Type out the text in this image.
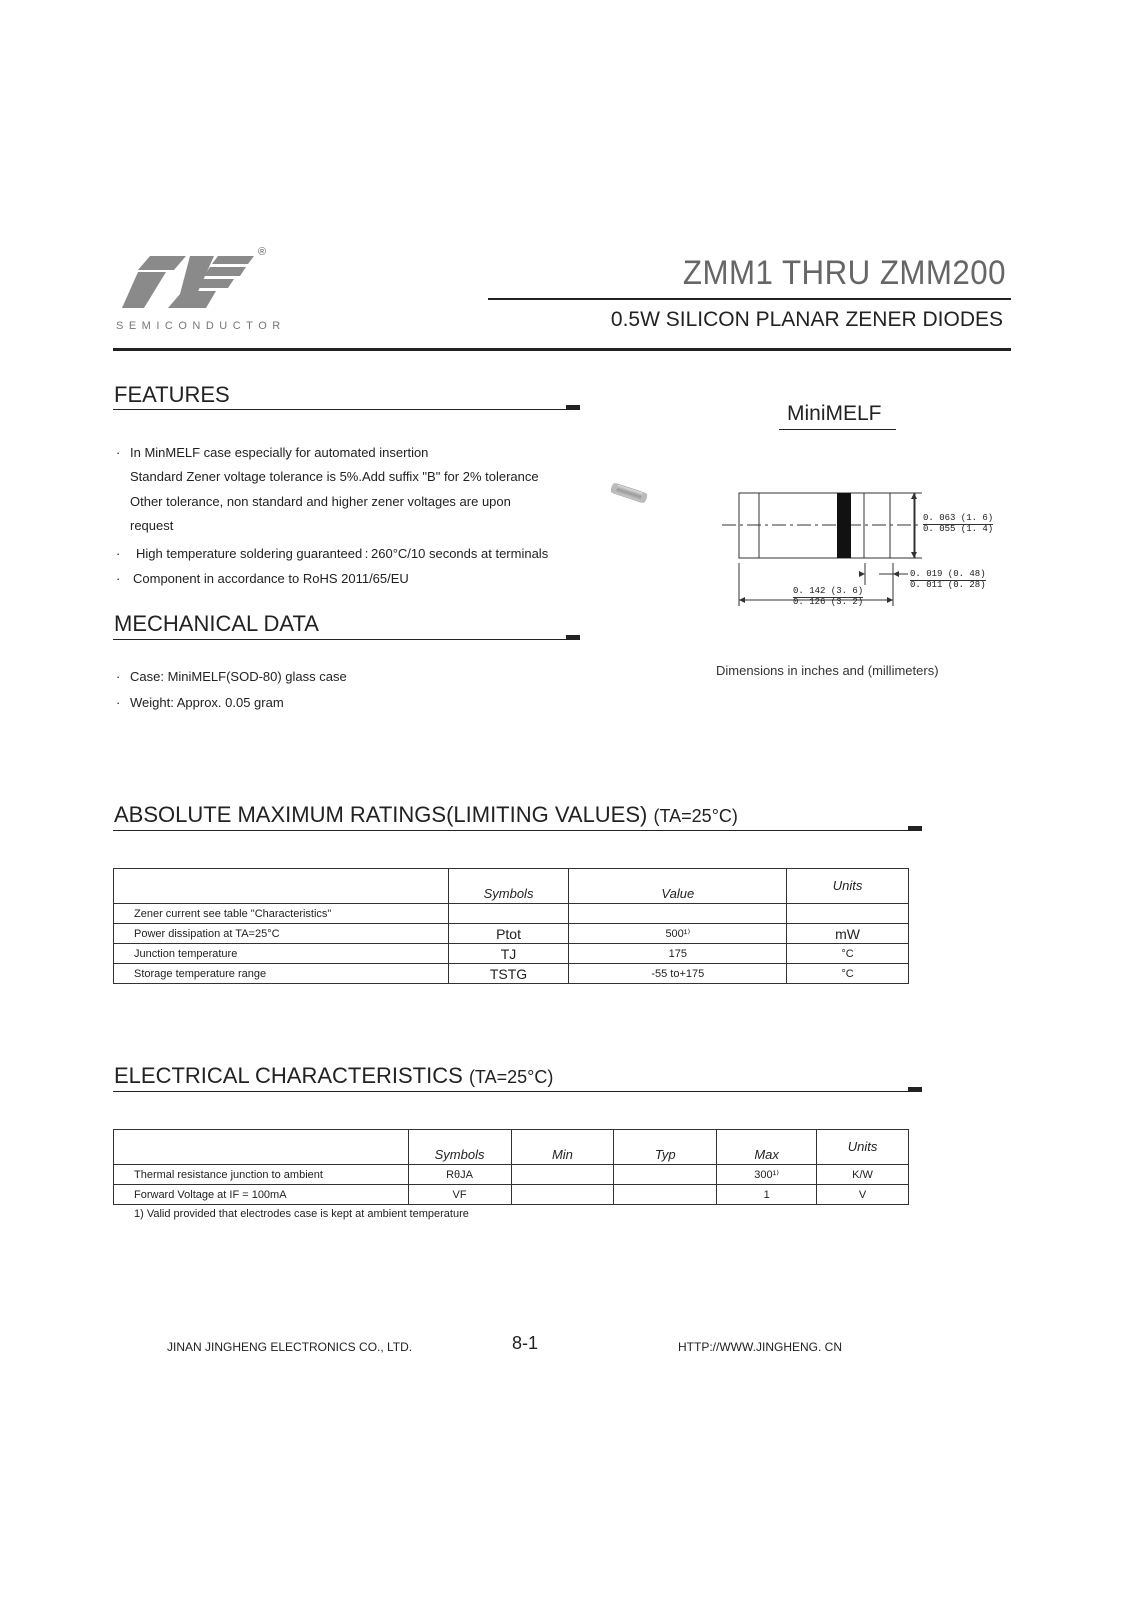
®
SEMICONDUCTOR
ZMM1 THRU ZMM200
0.5W SILICON PLANAR ZENER DIODES
FEATURES
· In MinMELF case especially for automated insertion
Standard Zener voltage tolerance is 5%.Add suffix "B" for 2% tolerance
Other tolerance, non standard and higher zener voltages are upon
request
· High temperature soldering guaranteed : 260°C/10 seconds at terminals
· Component in accordance to RoHS 2011/65/EU
MiniMELF
0. 063 (1. 6)
0. 055 (1. 4)
0. 019 (0. 48)
0. 011 (0. 28)
0. 142 (3. 6)
0. 126 (3. 2)
Dimensions in inches and (millimeters)
MECHANICAL DATA
· Case: MiniMELF(SOD-80) glass case
· Weight: Approx. 0.05 gram
ABSOLUTE MAXIMUM RATINGS(LIMITING VALUES) (TA=25°C)
	Symbols	Value	Units
Zener current see table "Characteristics"			
Power dissipation at TA=25°C	Ptot	500¹⁾	mW
Junction temperature	TJ	175	°C
Storage temperature range	TSTG	-55 to+175	°C
ELECTRICAL CHARACTERISTICS (TA=25°C)
	Symbols	Min	Typ	Max	Units
Thermal resistance junction to ambient	RθJA			300¹⁾	K/W
Forward Voltage at IF = 100mA	VF			1	V
1) Valid provided that electrodes case is kept at ambient temperature
JINAN JINGHENG ELECTRONICS CO., LTD.	8-1	HTTP://WWW.JINGHENG. CN
